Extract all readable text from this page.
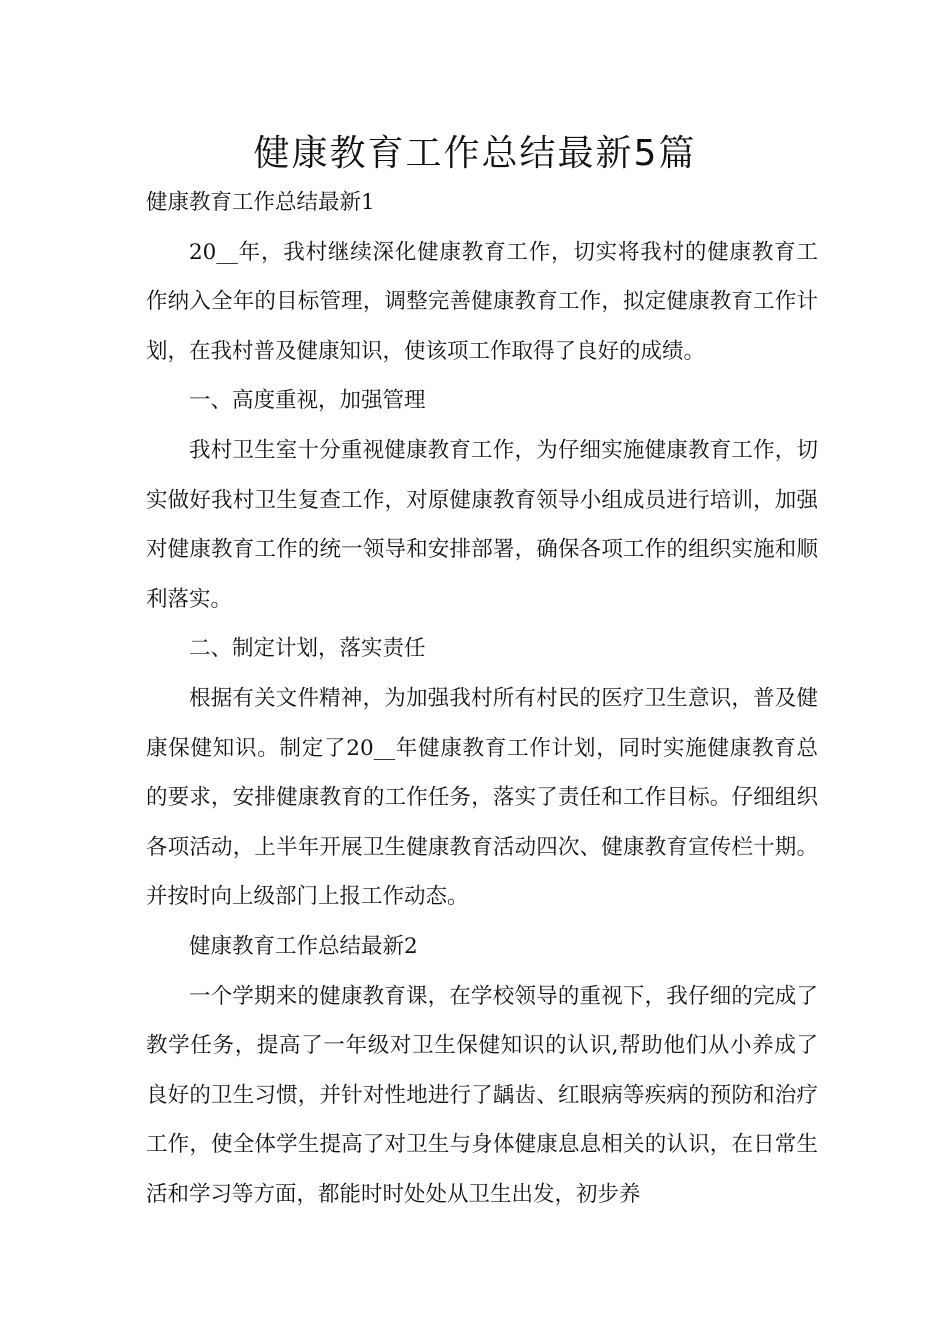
健康教育工作总结最新5篇

健康教育工作总结最新1

20__年，我村继续深化健康教育工作，切实将我村的健康教育工作纳入全年的目标管理，调整完善健康教育工作，拟定健康教育工作计划，在我村普及健康知识，使该项工作取得了良好的成绩。

一、高度重视，加强管理

我村卫生室十分重视健康教育工作，为仔细实施健康教育工作，切实做好我村卫生复查工作，对原健康教育领导小组成员进行培训，加强对健康教育工作的统一领导和安排部署，确保各项工作的组织实施和顺利落实。

二、制定计划，落实责任

根据有关文件精神，为加强我村所有村民的医疗卫生意识，普及健康保健知识。制定了20__年健康教育工作计划，同时实施健康教育总的要求，安排健康教育的工作任务，落实了责任和工作目标。仔细组织各项活动，上半年开展卫生健康教育活动四次、健康教育宣传栏十期。并按时向上级部门上报工作动态。

健康教育工作总结最新2

一个学期来的健康教育课，在学校领导的重视下，我仔细的完成了教学任务，提高了一年级对卫生保健知识的认识,帮助他们从小养成了良好的卫生习惯，并针对性地进行了龋齿、红眼病等疾病的预防和治疗工作，使全体学生提高了对卫生与身体健康息息相关的认识，在日常生活和学习等方面，都能时时处处从卫生出发，初步养
